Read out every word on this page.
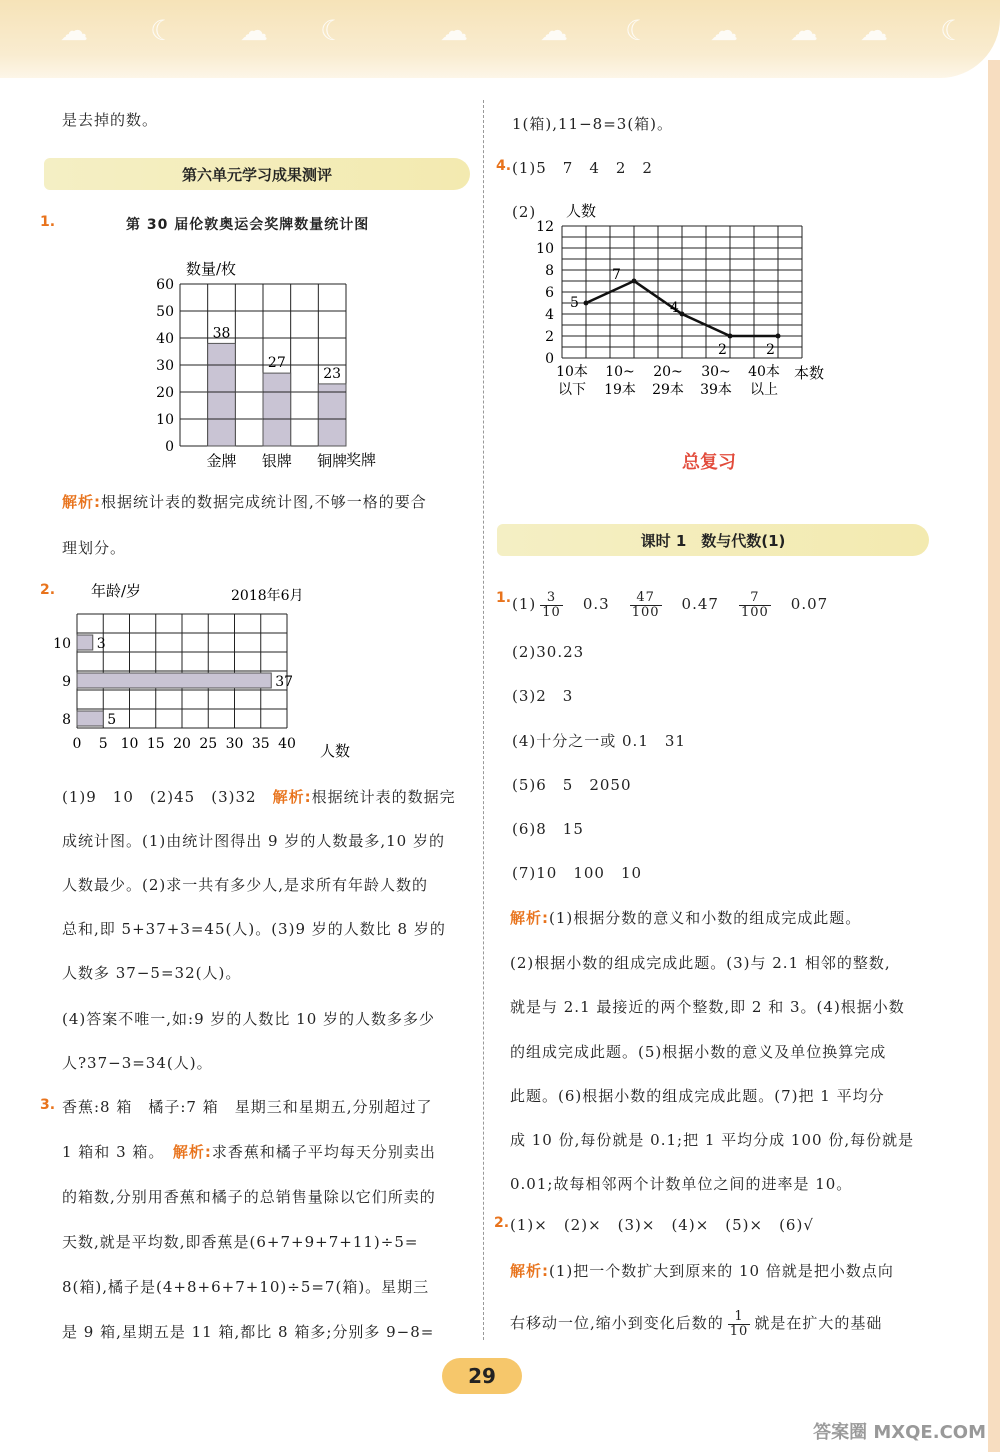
☁ ☾ ☁ ☾	☁	☁ ☾ ☁ ☁ ☁ ☾
是去掉的数。
第六单元学习成果测评
1.	第 30 届伦敦奥运会奖牌数量统计图
0
10
20
30
40
50
60
38
金牌
27
银牌
23
铜牌
数量/枚
奖牌
解析:根据统计表的数据完成统计图,不够一格的要合
理划分。
2.
3
37
5
0 5 10 15 20 25 30 35 40
10
9
8
年龄/岁	2018年6月
人数
(1)9　10　(2)45　(3)32　 解析:根据统计表的数据完
成统计图。(1)由统计图得出 9 岁的人数最多,10 岁的
人数最少。(2)求一共有多少人,是求所有年龄人数的
总和,即 5+37+3=45(人)。(3)9 岁的人数比 8 岁的
人数多 37−5=32(人)。
(4)答案不唯一,如:9 岁的人数比 10 岁的人数多多少
人?37−3=34(人)。
3. 香蕉:8 箱　橘子:7 箱　星期三和星期五,分别超过了
1 箱和 3 箱。　 解析:求香蕉和橘子平均每天分别卖出
的箱数,分别用香蕉和橘子的总销售量除以它们所卖的
天数,就是平均数,即香蕉是(6+7+9+7+11)÷5=
8(箱),橘子是(4+8+6+7+10)÷5=7(箱)。星期三
是 9 箱,星期五是 11 箱,都比 8 箱多;分别多 9−8=
1(箱),11−8=3(箱)。
4. (1)5　7　4　2　2
(2)
0
2
4
6
8
10
12
5
7
4
2	2
10本
以下
10~
19本
20~
29本
30~
39本
40本
以上
人数
本数
总复习
课时 1　数与代数(1)
1. $(1) \frac{3}{10}$
　 0.3　 $\frac{47}{100}$
　 0.47　 $\frac{7}{100}$
　 0.07
(2)30.23
(3)2　3
(4)十分之一或 0.1　31
(5)6　5　2050
(6)8　15
(7)10　100　10
解析:(1)根据分数的意义和小数的组成完成此题。
(2)根据小数的组成完成此题。(3)与 2.1 相邻的整数,
就是与 2.1 最接近的两个整数,即 2 和 3。(4)根据小数
的组成完成此题。(5)根据小数的意义及单位换算完成
此题。(6)根据小数的组成完成此题。(7)把 1 平均分
成 10 份,每份就是 0.1;把 1 平均分成 100 份,每份就是
0.01;故每相邻两个计数单位之间的进率是 10。
2. (1)×　(2)×　(3)×　(4)×　(5)×　(6)√
解析:(1)把一个数扩大到原来的 10 倍就是把小数点向
右移动一位,缩小到变化后数的 $\frac{1}{10}$ 就是在扩大的基础
29
答案圈 MXQE.COM
